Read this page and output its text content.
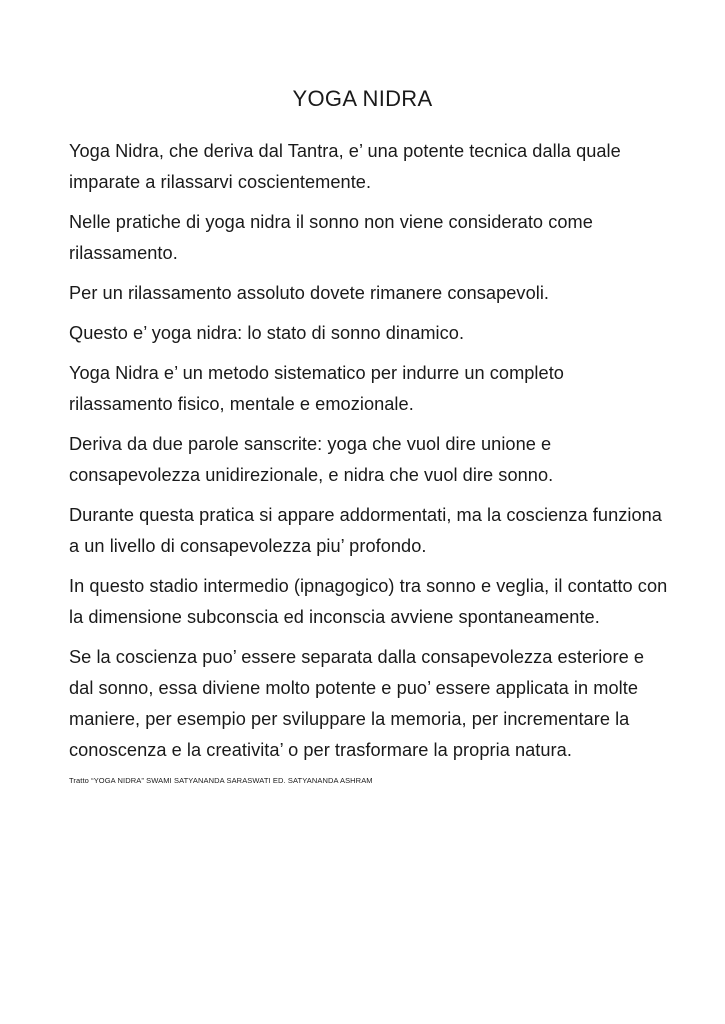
YOGA NIDRA

Yoga Nidra, che deriva dal Tantra, e’ una potente tecnica dalla quale imparate a rilassarvi coscientemente.

Nelle pratiche di yoga nidra il sonno non viene considerato come rilassamento.

Per un rilassamento assoluto dovete rimanere consapevoli.

Questo e’ yoga nidra: lo stato di sonno dinamico.

Yoga Nidra e’ un metodo sistematico per indurre un completo rilassamento fisico, mentale e emozionale.

Deriva da due parole sanscrite: yoga che vuol dire unione e consapevolezza unidirezionale, e nidra che vuol dire sonno.

Durante questa pratica si appare addormentati, ma la coscienza funziona a un livello di consapevolezza piu’ profondo.

In questo stadio intermedio (ipnagogico) tra sonno e veglia, il contatto con la dimensione subconscia ed inconscia avviene spontaneamente.

Se la coscienza puo’ essere separata dalla consapevolezza esteriore e dal sonno, essa diviene molto potente e puo’ essere applicata in molte maniere, per esempio per sviluppare la memoria, per incrementare la conoscenza e la creativita’ o per trasformare la propria natura.

Tratto “YOGA NIDRA” SWAMI SATYANANDA SARASWATI ED. SATYANANDA ASHRAM
